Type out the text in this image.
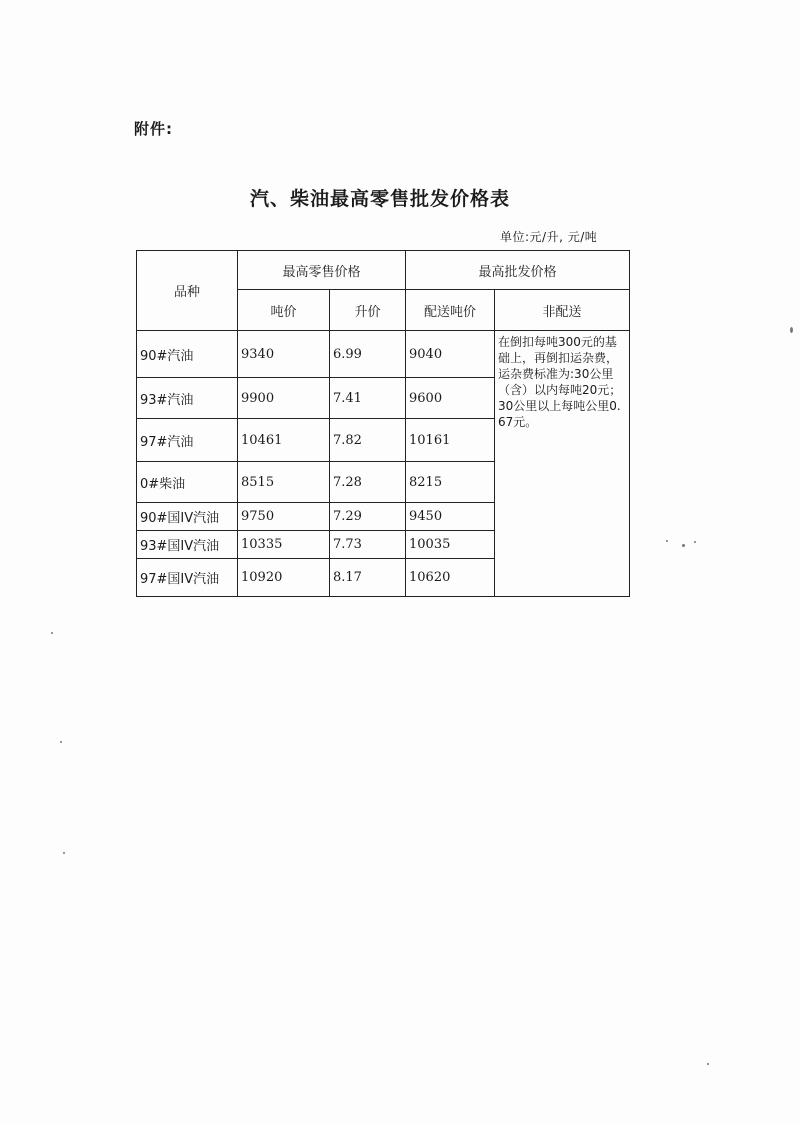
附件:
汽、柴油最高零售批发价格表
单位:元/升, 元/吨
品种	最高零售价格		最高批发价格	
	吨价	升价	配送吨价	非配送
90#汽油	9340	6.99	9040	在倒扣每吨300元的基础上，再倒扣运杂费，运杂费标准为:30公里（含）以内每吨20元；30公里以上每吨公里0.67元。
93#汽油	9900	7.41	9600	
97#汽油	10461	7.82	10161	
0#柴油	8515	7.28	8215	
90#国IV汽油	9750	7.29	9450	
93#国IV汽油	10335	7.73	10035	
97#国IV汽油	10920	8.17	10620	
